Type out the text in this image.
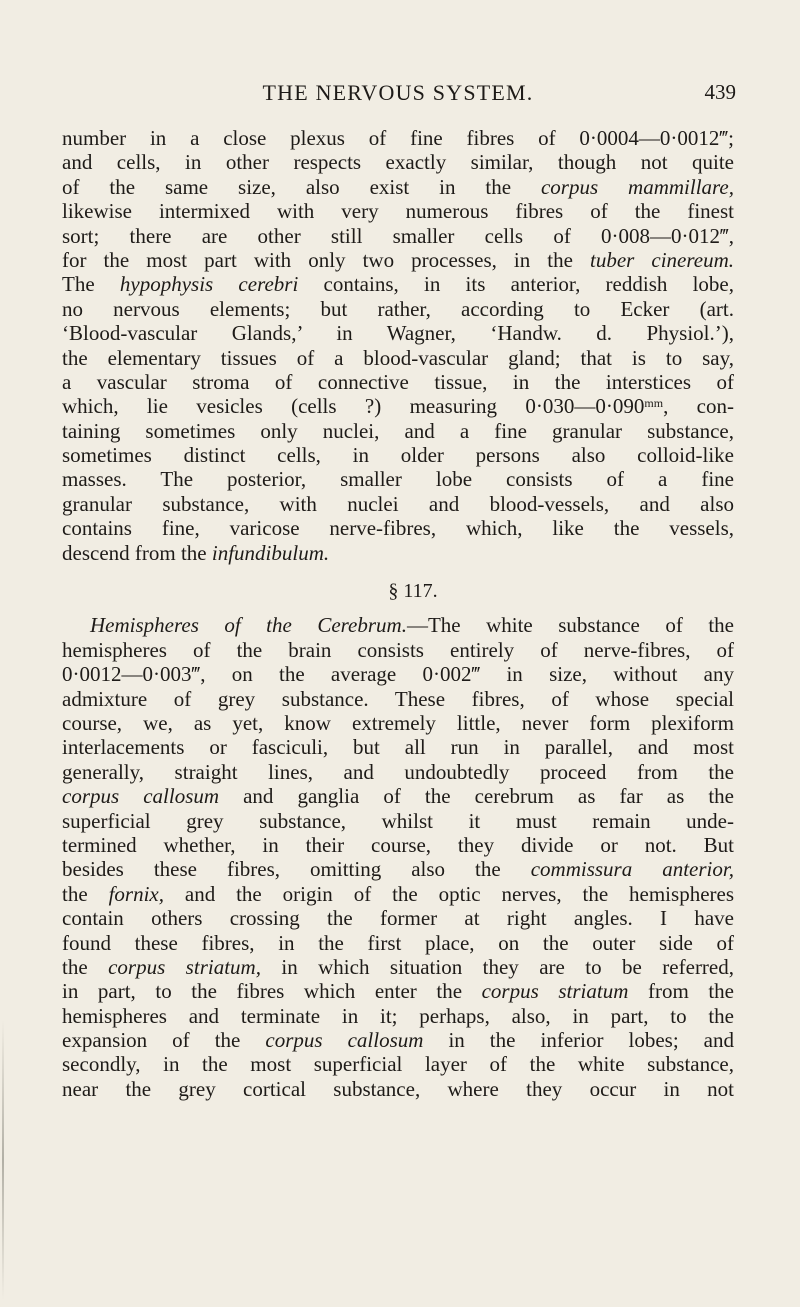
THE NERVOUS SYSTEM.	439
number in a close plexus of fine fibres of 0·0004—0·0012‴;
and cells, in other respects exactly similar, though not quite
of the same size, also exist in the corpus mammillare,
likewise intermixed with very numerous fibres of the finest
sort; there are other still smaller cells of 0·008—0·012‴,
for the most part with only two processes, in the tuber cinereum.
The hypophysis cerebri contains, in its anterior, reddish lobe,
no nervous elements; but rather, according to Ecker (art.
‘Blood-vascular Glands,’ in Wagner, ‘Handw. d. Physiol.’),
the elementary tissues of a blood-vascular gland; that is to say,
a vascular stroma of connective tissue, in the interstices of
which, lie vesicles (cells ?) measuring $0\cdot 030—0\cdot 090^{mm}$, con-
taining sometimes only nuclei, and a fine granular substance,
sometimes distinct cells, in older persons also colloid-like
masses. The posterior, smaller lobe consists of a fine
granular substance, with nuclei and blood-vessels, and also
contains fine, varicose nerve-fibres, which, like the vessels,
descend from the infundibulum.
§ 117.
Hemispheres of the Cerebrum.—The white substance of the
hemispheres of the brain consists entirely of nerve-fibres, of
0·0012—0·003‴, on the average 0·002‴ in size, without any
admixture of grey substance. These fibres, of whose special
course, we, as yet, know extremely little, never form plexiform
interlacements or fasciculi, but all run in parallel, and most
generally, straight lines, and undoubtedly proceed from the
corpus callosum and ganglia of the cerebrum as far as the
superficial grey substance, whilst it must remain unde-
termined whether, in their course, they divide or not. But
besides these fibres, omitting also the commissura anterior,
the fornix, and the origin of the optic nerves, the hemispheres
contain others crossing the former at right angles. I have
found these fibres, in the first place, on the outer side of
the corpus striatum, in which situation they are to be referred,
in part, to the fibres which enter the corpus striatum from the
hemispheres and terminate in it; perhaps, also, in part, to the
expansion of the corpus callosum in the inferior lobes; and
secondly, in the most superficial layer of the white substance,
near the grey cortical substance, where they occur in not
